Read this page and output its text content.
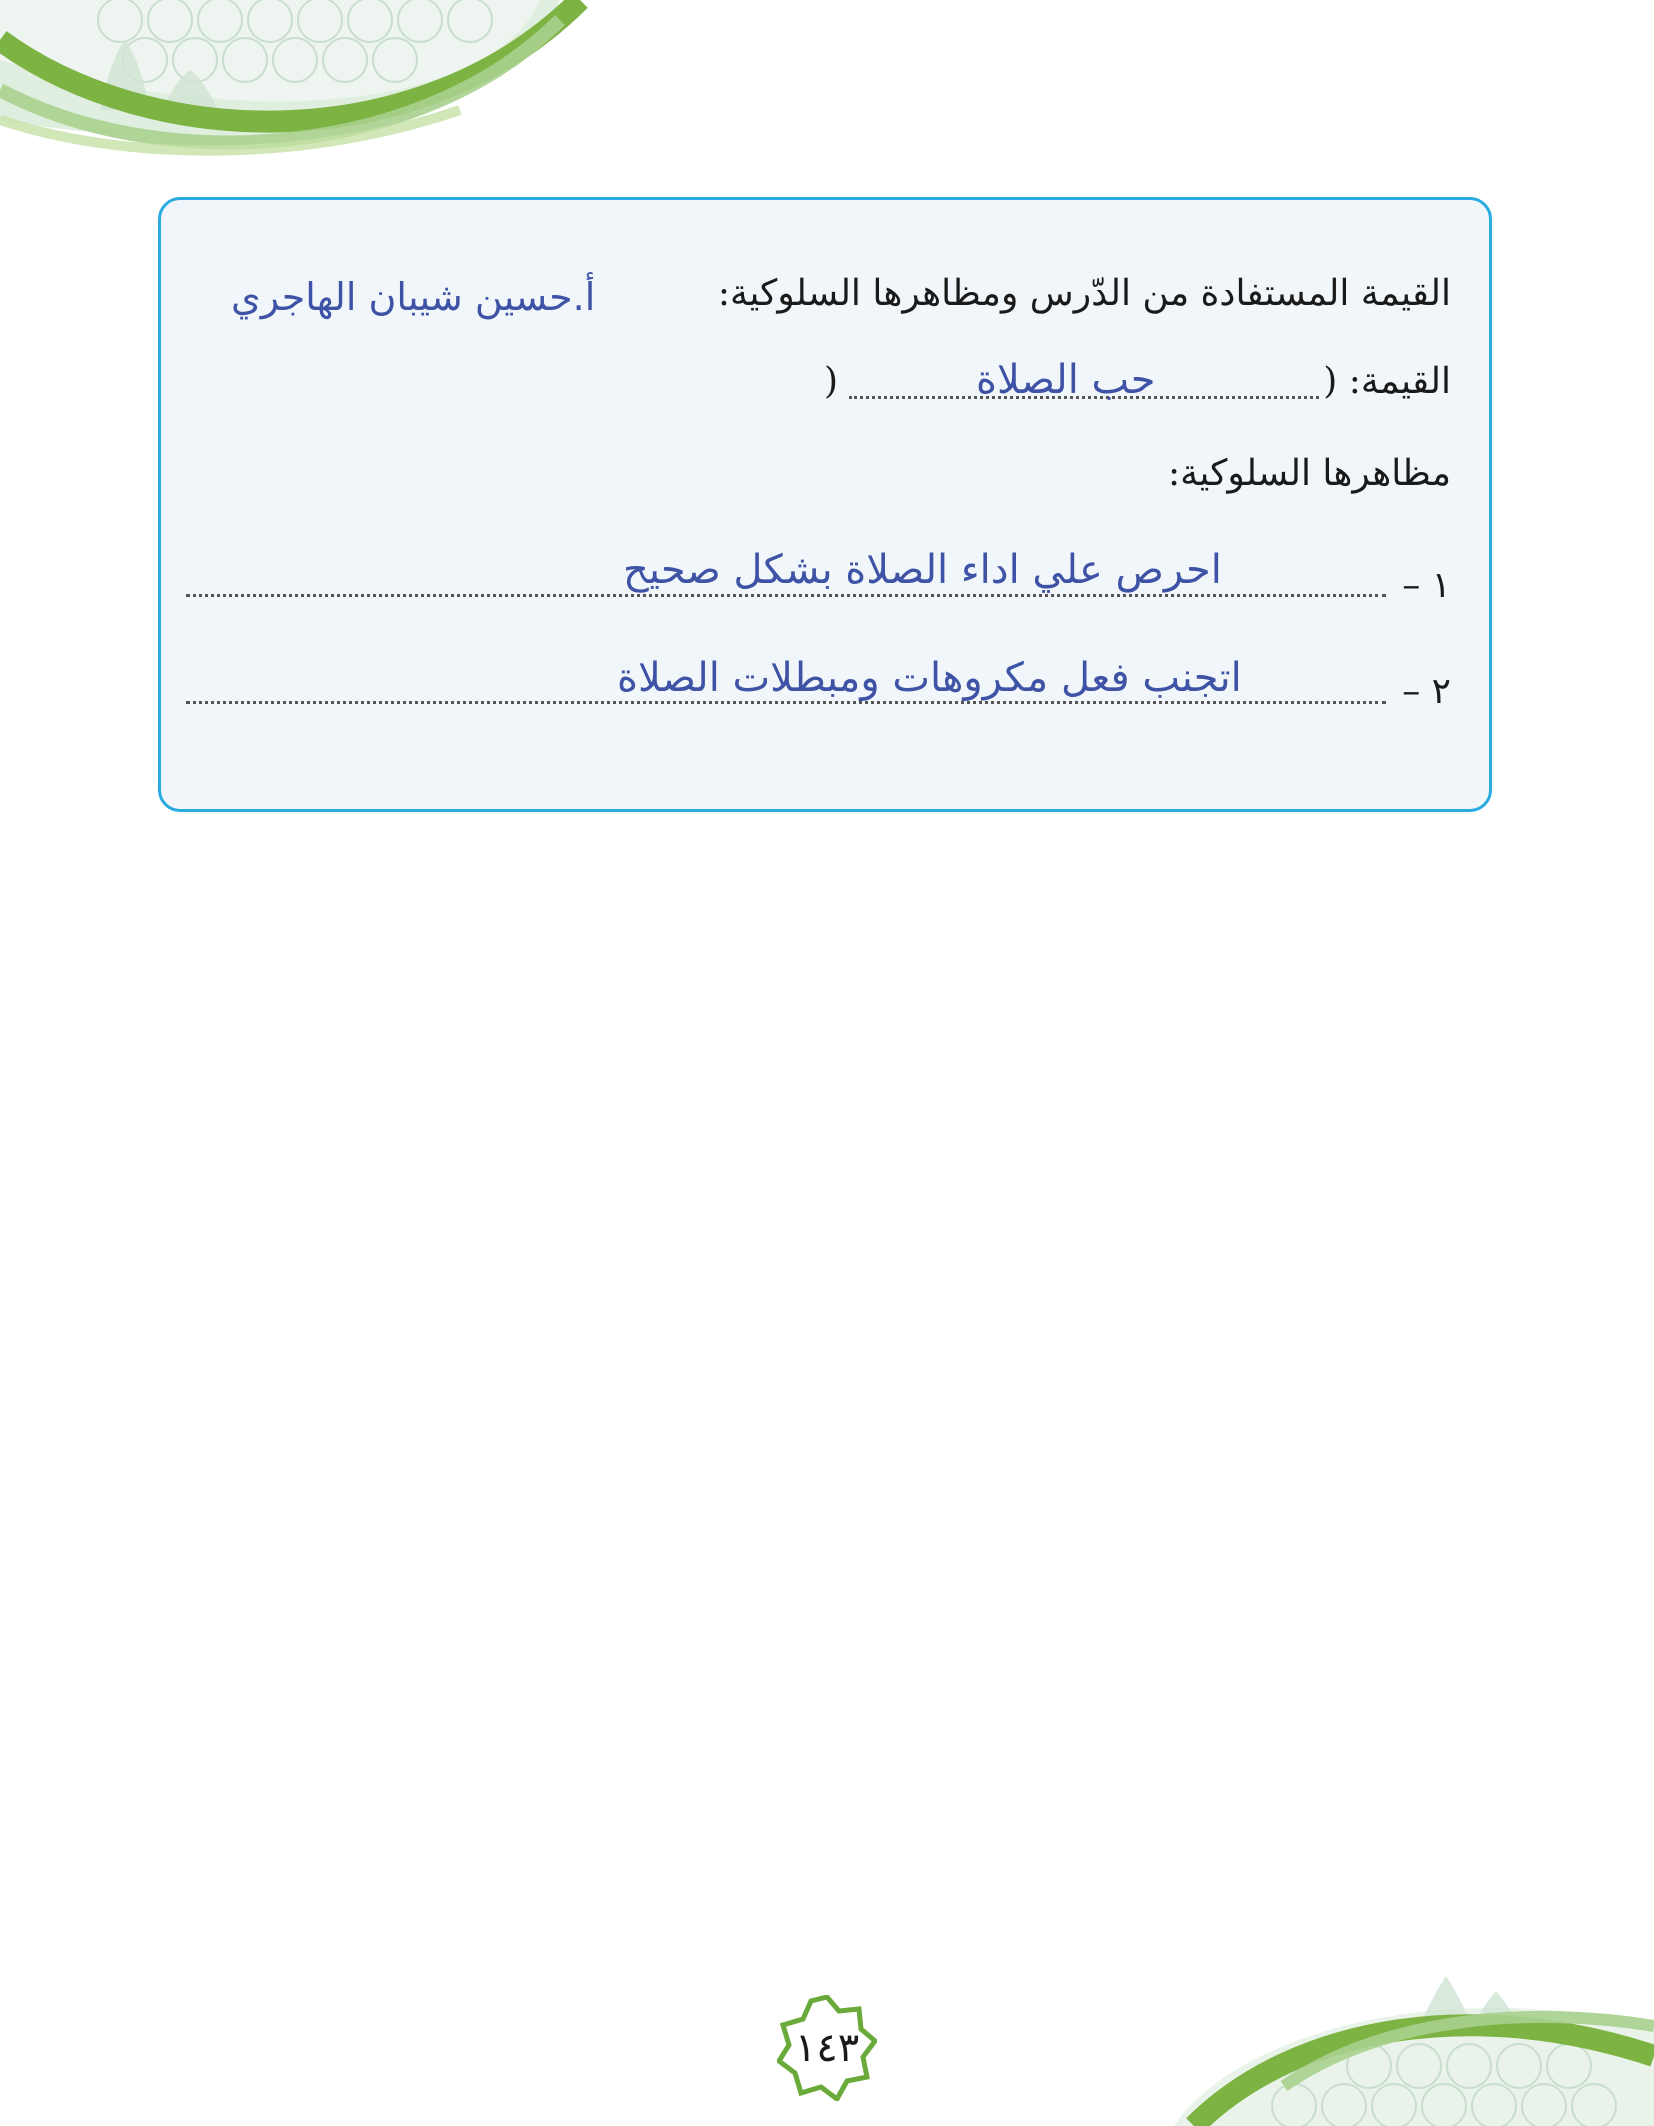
القيمة المستفادة من الدّرس ومظاهرها السلوكية:
أ.حسين شيبان الهاجري
القيمة: (
حب الصلاة
)
مظاهرها السلوكية:
١ –
احرص علي اداء الصلاة بشكل صحيح
٢ –
اتجنب فعل مكروهات ومبطلات الصلاة
١٤٣
